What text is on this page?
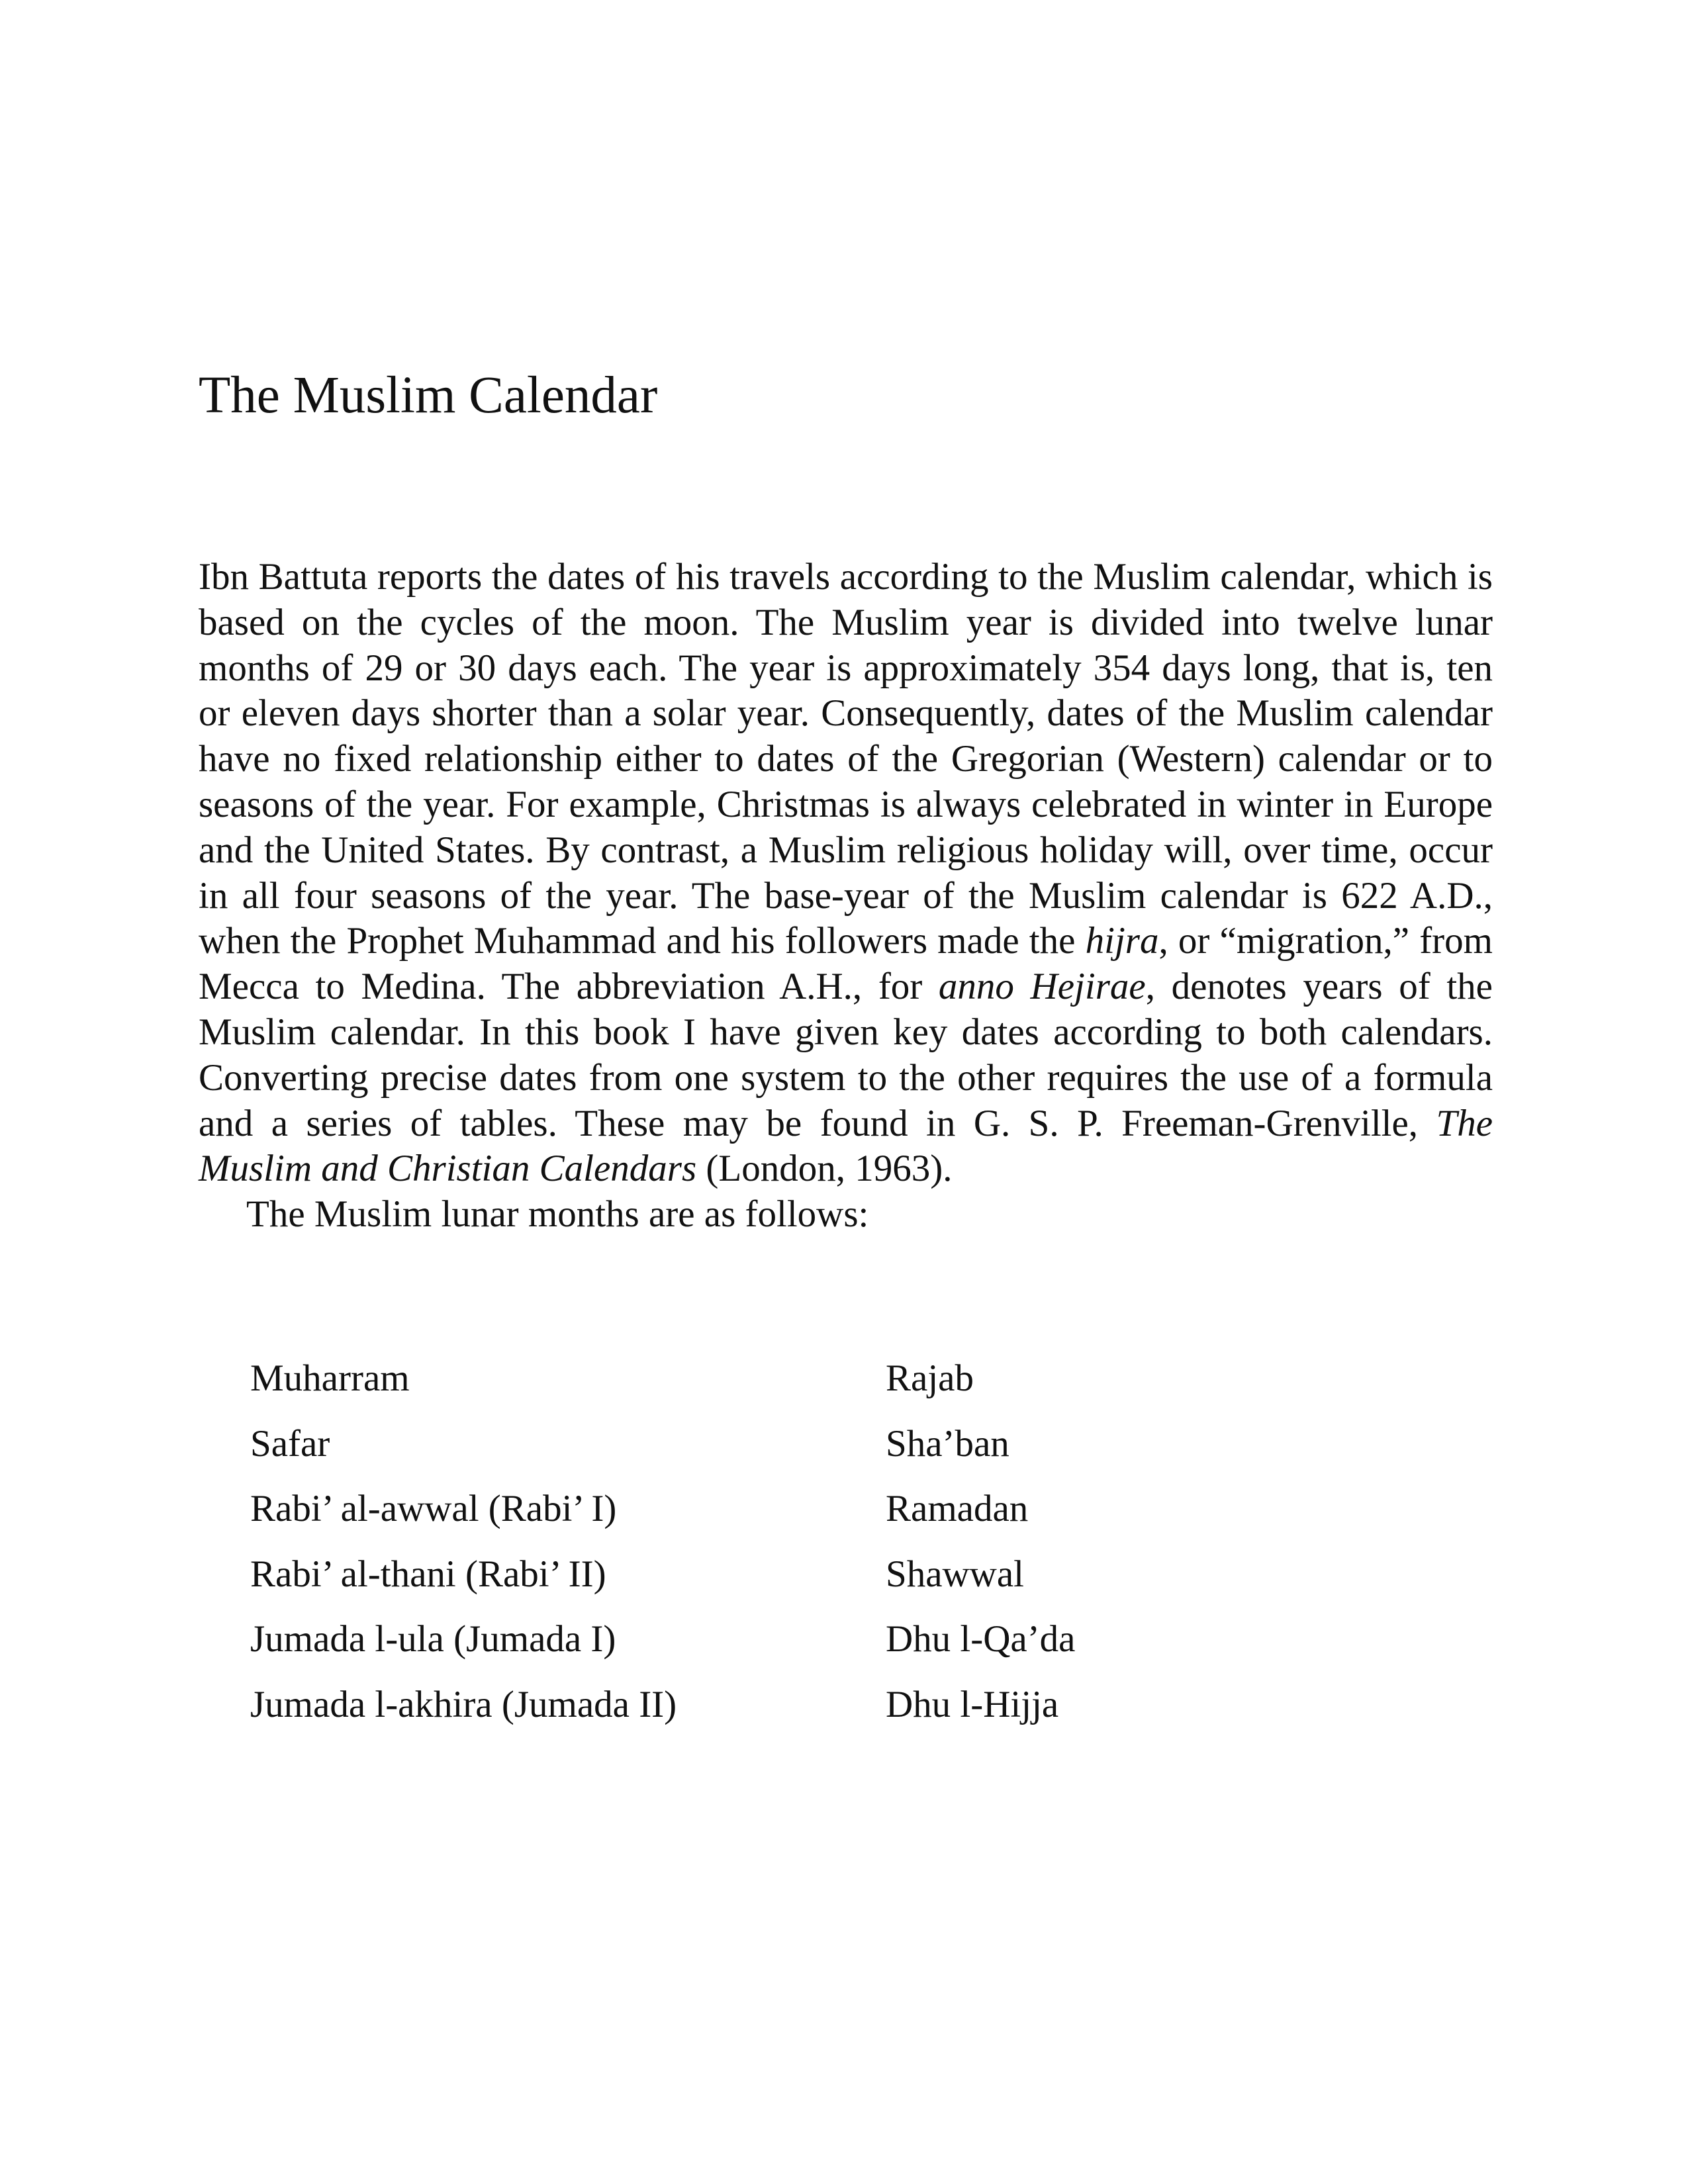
The Muslim Calendar

Ibn Battuta reports the dates of his travels according to the Muslim calendar, which is based on the cycles of the moon. The Muslim year is divided into twelve lunar months of 29 or 30 days each. The year is approximately 354 days long, that is, ten or eleven days shorter than a solar year. Consequently, dates of the Muslim calendar have no fixed relationship either to dates of the Gregorian (Western) calendar or to seasons of the year. For example, Christmas is always celebrated in winter in Europe and the United States. By contrast, a Muslim religious holiday will, over time, occur in all four seasons of the year. The base-year of the Muslim calendar is 622 A.D., when the Prophet Muhammad and his followers made the hijra, or “migration,” from Mecca to Medina. The abbreviation A.H., for anno Hejirae, denotes years of the Muslim calendar. In this book I have given key dates according to both calendars. Converting precise dates from one system to the other requires the use of a formula and a series of tables. These may be found in G. S. P. Freeman-Grenville, The Muslim and Christian Calendars (London, 1963).

The Muslim lunar months are as follows:

Muharram
Safar
Rabi’ al-awwal (Rabi’ I)
Rabi’ al-thani (Rabi’ II)
Jumada l-ula (Jumada I)
Jumada l-akhira (Jumada II)
Rajab
Sha’ban
Ramadan
Shawwal
Dhu l-Qa’da
Dhu l-Hijja
